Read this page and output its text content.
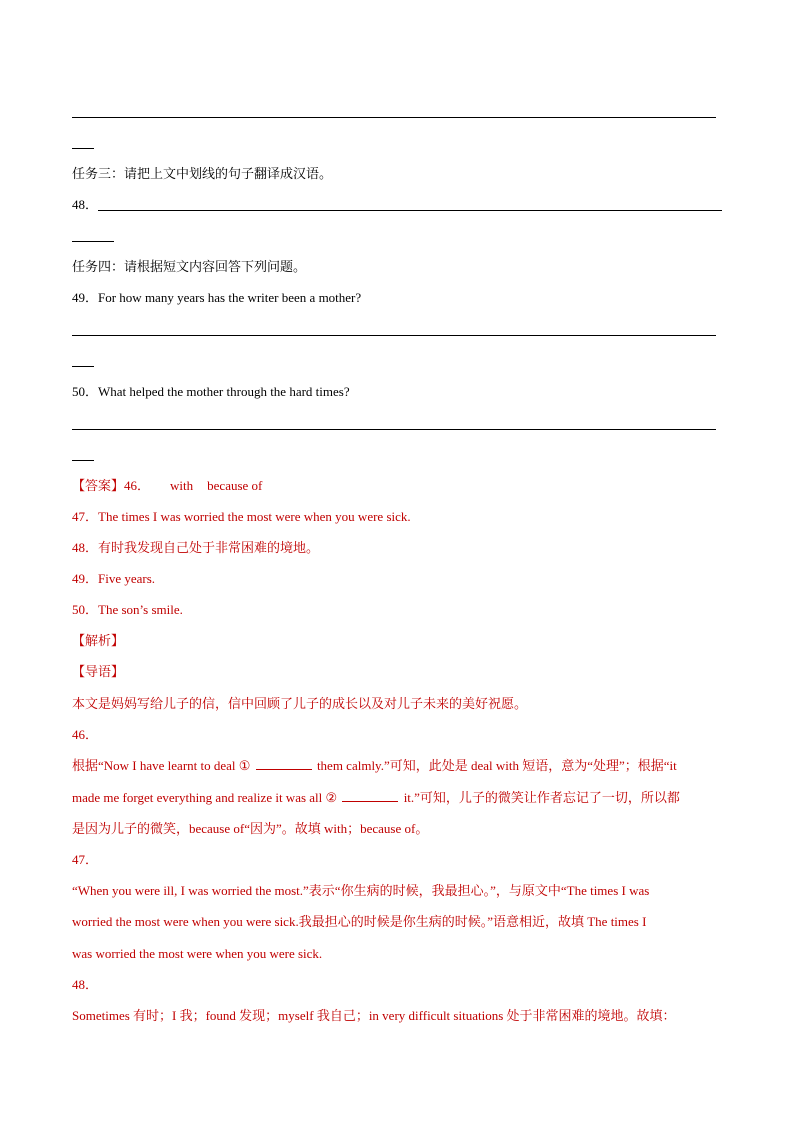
任务三：请把上文中划线的句子翻译成汉语。
48．
任务四：请根据短文内容回答下列问题。
49．For how many years has the writer been a mother?
50．What helped the mother through the hard times?
【答案】46． with because of
47．The times I was worried the most were when you were sick.
48．有时我发现自己处于非常困难的境地。
49．Five years.
50．The son’s smile.
【解析】
【导语】
本文是妈妈写给儿子的信，信中回顾了儿子的成长以及对儿子未来的美好祝愿。
46．
根据“Now I have learnt to deal ①	them calmly.”可知，此处是 deal with 短语，意为“处理”；根据“it
made me forget everything and realize it was all ②	it.”可知，儿子的微笑让作者忘记了一切，所以都
是因为儿子的微笑，because of“因为”。故填 with；because of。
47．
“When you were ill, I was worried the most.”表示“你生病的时候，我最担心。”，与原文中“The times I was
worried the most were when you were sick.我最担心的时候是你生病的时候。”语意相近，故填 The times I
was worried the most were when you were sick.
48．
Sometimes 有时；I 我；found 发现；myself 我自己；in very difficult situations 处于非常困难的境地。故填：
